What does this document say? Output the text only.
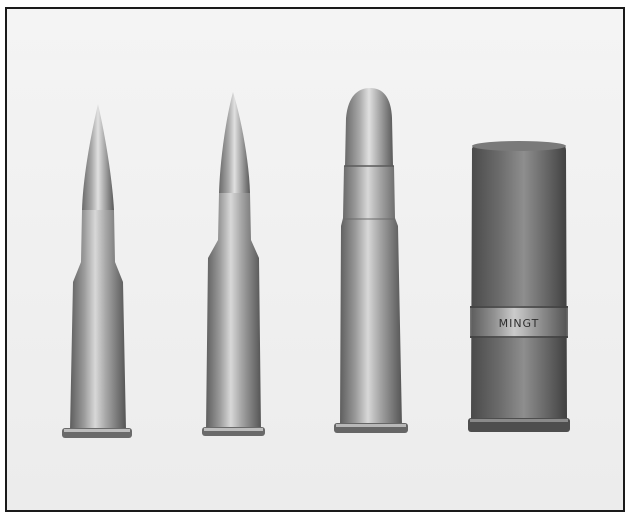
MINGT
